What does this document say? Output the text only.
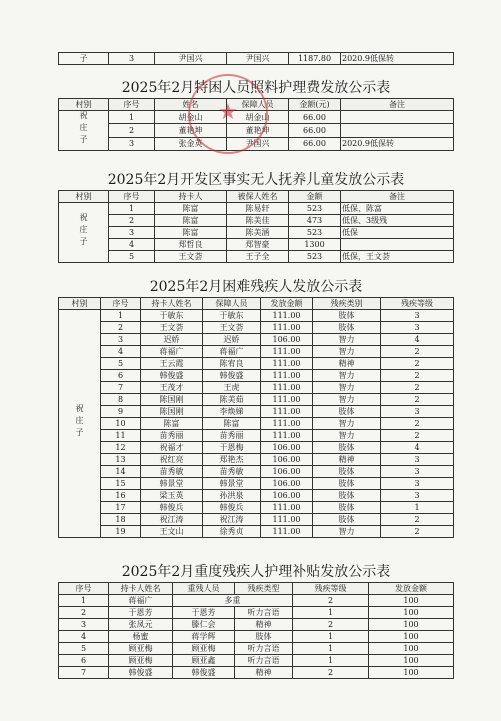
子	3	尹国兴	尹国兴	1187.80	2020.9低保转
2025年2月特困人员照料护理费发放公示表
村别	序号	姓名	保障人员	金额(元)	备注
祝庄子	1	胡金山	胡金山	66.00	
	2	董艳坤	董艳坤	66.00	
	3	张金英	尹国兴	66.00	2020.9低保转
2025年2月开发区事实无人抚养儿童发放公示表
村别	序号	持卡人	被保人姓名	金额	备注
祝庄子	1	陈富	陈易轩	523	低保、陈富
	2	陈富	陈美佳	473	低保、3级残
	3	陈富	陈美涵	523	低保
	4	郑哲良	郑智豪	1300	
	5	王文荟	王子全	523	低保，王文荟
2025年2月困难残疾人发放公示表
村别	序号	持卡人姓名	保障人员	发放金额	残疾类别	残疾等级
祝庄子	1	于敏东	于敏东	111.00	肢体	3
	2	王文荟	王文荟	111.00	肢体	3
	3	迟娇	迟娇	106.00	智力	4
	4	蒋福广	蒋福广	111.00	智力	2
	5	王云霞	陈宥良	111.00	精神	2
	6	韩俊盛	韩俊盛	111.00	智力	2
	7	王茂才	王虎	111.00	智力	2
	8	陈国刚	陈美茹	111.00	智力	2
	9	陈国刚	李焕娣	111.00	肢体	3
	10	陈富	陈富	111.00	智力	2
	11	苗秀丽	苗秀丽	111.00	智力	2
	12	祝福才	于恩梅	106.00	肢体	4
	13	祝红亮	郑艳杰	106.00	精神	3
	14	苗秀敏	苗秀敏	106.00	肢体	3
	15	韩景堂	韩景堂	106.00	肢体	3
	16	梁玉英	孙洪泉	106.00	肢体	3
	17	韩俊兵	韩俊兵	111.00	肢体	1
	18	祝江涛	祝江涛	111.00	肢体	2
	19	王文山	徐秀贞	111.00	智力	2
2025年2月重度残疾人护理补贴发放公示表
序号	持卡人姓名	重残人员	残疾类型	残疾等级	发放金额
1	蒋福广	多重		2	100
2	于恩芳	于恩芳	听力言语	1	100
3	张凤元	滕仁会	精神	2	100
4	杨蜜	蒋学辉	肢体	1	100
5	顾亚梅	顾亚梅	听力言语	1	100
6	顾亚梅	顾亚鑫	听力言语	1	100
7	韩俊盛	韩俊盛	精神	2	100
★
